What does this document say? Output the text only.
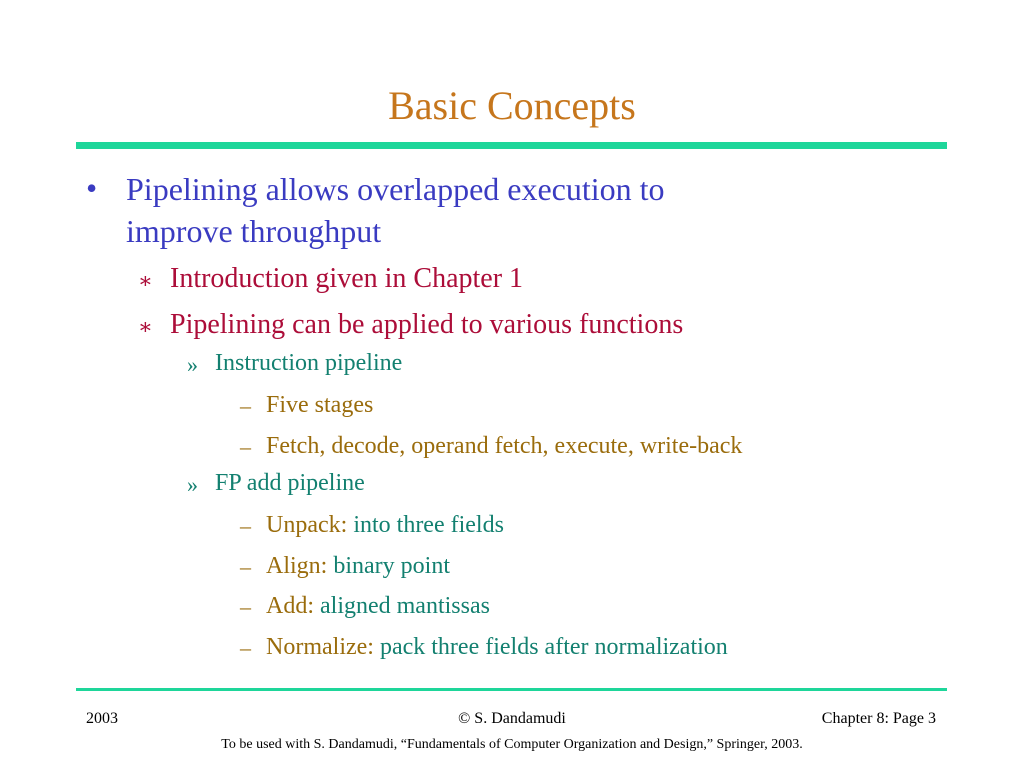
Basic Concepts
• Pipelining allows overlapped execution to
improve throughput
∗ Introduction given in Chapter 1
∗ Pipelining can be applied to various functions
» Instruction pipeline
– Five stages
– Fetch, decode, operand fetch, execute, write-back
» FP add pipeline
– Unpack: into three fields
– Align: binary point
– Add: aligned mantissas
– Normalize: pack three fields after normalization
2003	© S. Dandamudi	Chapter 8: Page 3
To be used with S. Dandamudi, “Fundamentals of Computer Organization and Design,” Springer, 2003.
